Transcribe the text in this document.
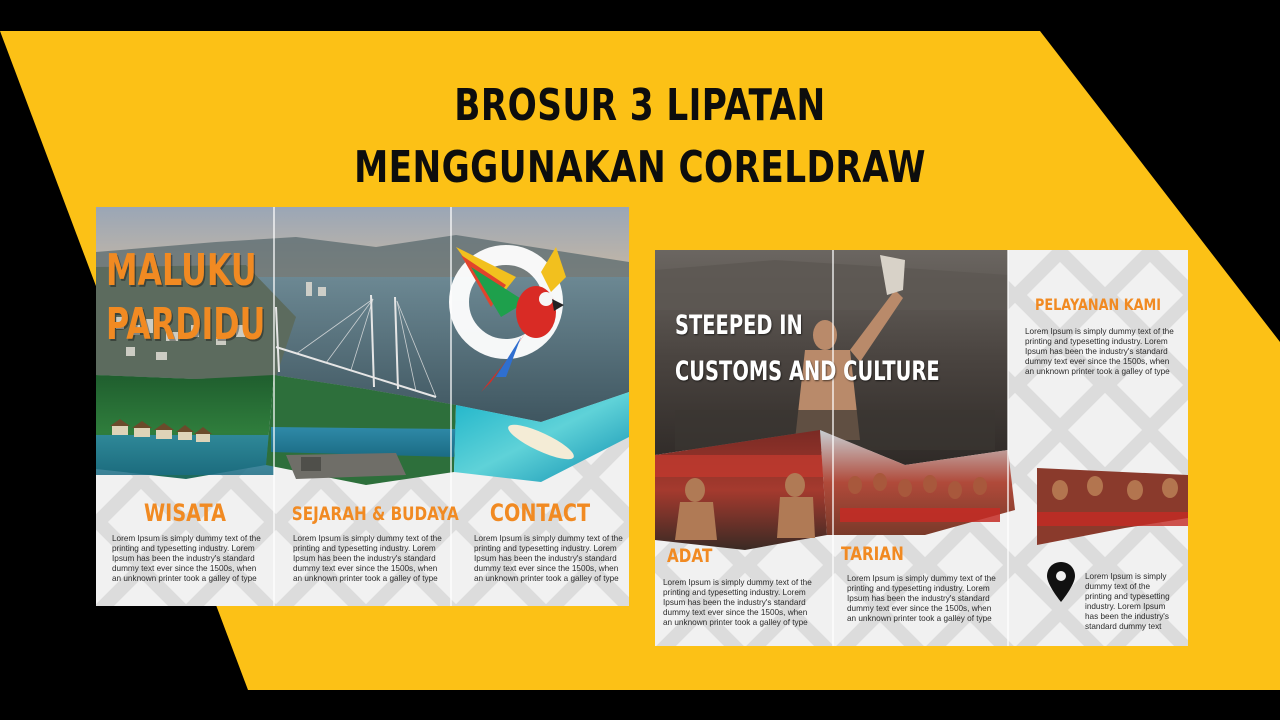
BROSUR 3 LIPATAN
MENGGUNAKAN CORELDRAW
MALUKU
PARDIDU
WISATA	SEJARAH & BUDAYA	CONTACT
Lorem Ipsum is simply dummy text of the
printing and typesetting industry. Lorem
Ipsum has been the industry's standard
dummy text ever since the 1500s, when
an unknown printer took a galley of type
Lorem Ipsum is simply dummy text of the
printing and typesetting industry. Lorem
Ipsum has been the industry's standard
dummy text ever since the 1500s, when
an unknown printer took a galley of type
Lorem Ipsum is simply dummy text of the
printing and typesetting industry. Lorem
Ipsum has been the industry's standard
dummy text ever since the 1500s, when
an unknown printer took a galley of type
STEEPED IN
CUSTOMS AND CULTURE
ADAT	TARIAN
PELAYANAN KAMI
Lorem Ipsum is simply dummy text of the
printing and typesetting industry. Lorem
Ipsum has been the industry's standard
dummy text ever since the 1500s, when
an unknown printer took a galley of type
Lorem Ipsum is simply dummy text of the
printing and typesetting industry. Lorem
Ipsum has been the industry's standard
dummy text ever since the 1500s, when
an unknown printer took a galley of type
Lorem Ipsum is simply dummy text of the
printing and typesetting industry. Lorem
Ipsum has been the industry's standard
dummy text ever since the 1500s, when
an unknown printer took a galley of type
Lorem Ipsum is simply
dummy text of the
printing and typesetting
industry. Lorem Ipsum
has been the industry's
standard dummy text
